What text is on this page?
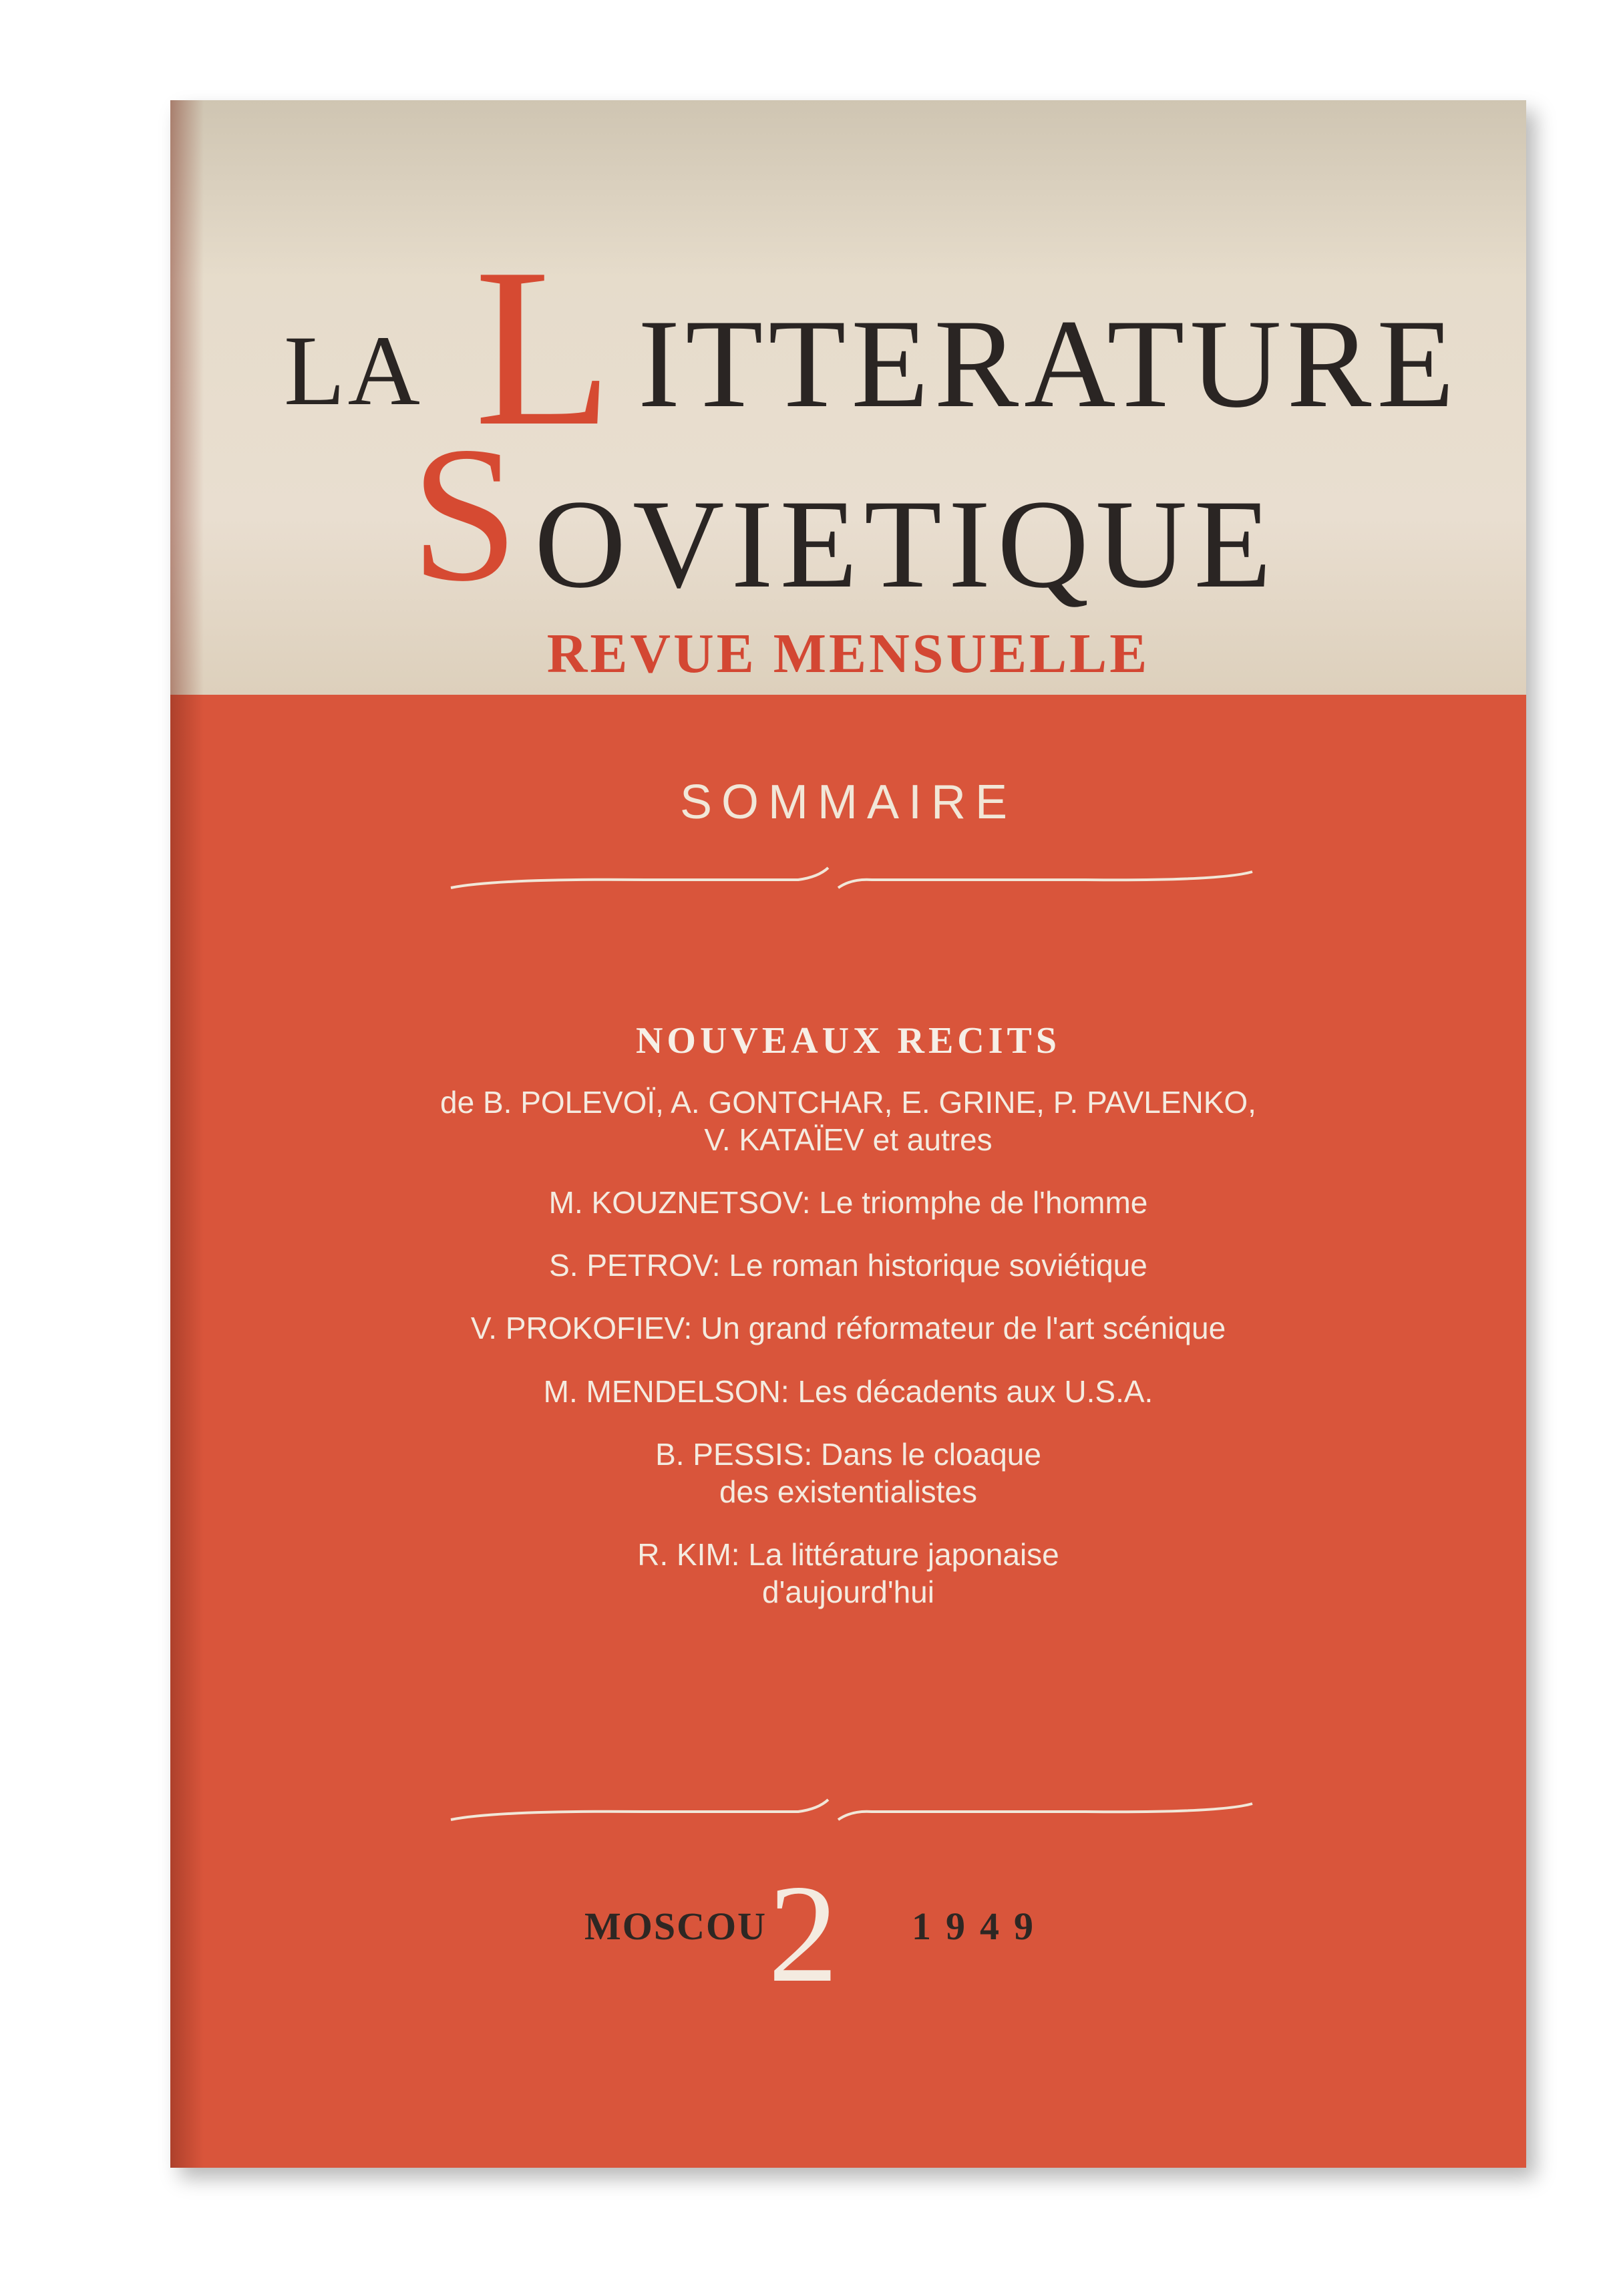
LA L ITTERATURE
S OVIETIQUE
REVUE MENSUELLE
SOMMAIRE
NOUVEAUX RECITS
de B. POLEVOÏ, A. GONTCHAR, E. GRINE, P. PAVLENKO,
V. KATAÏEV et autres
M. KOUZNETSOV: Le triomphe de l'homme
S. PETROV: Le roman historique soviétique
V. PROKOFIEV: Un grand réformateur de l'art scénique
M. MENDELSON: Les décadents aux U.S.A.
B. PESSIS: Dans le cloaque
des existentialistes
R. KIM: La littérature japonaise
d'aujourd'hui
MOSCOU 2 1949
